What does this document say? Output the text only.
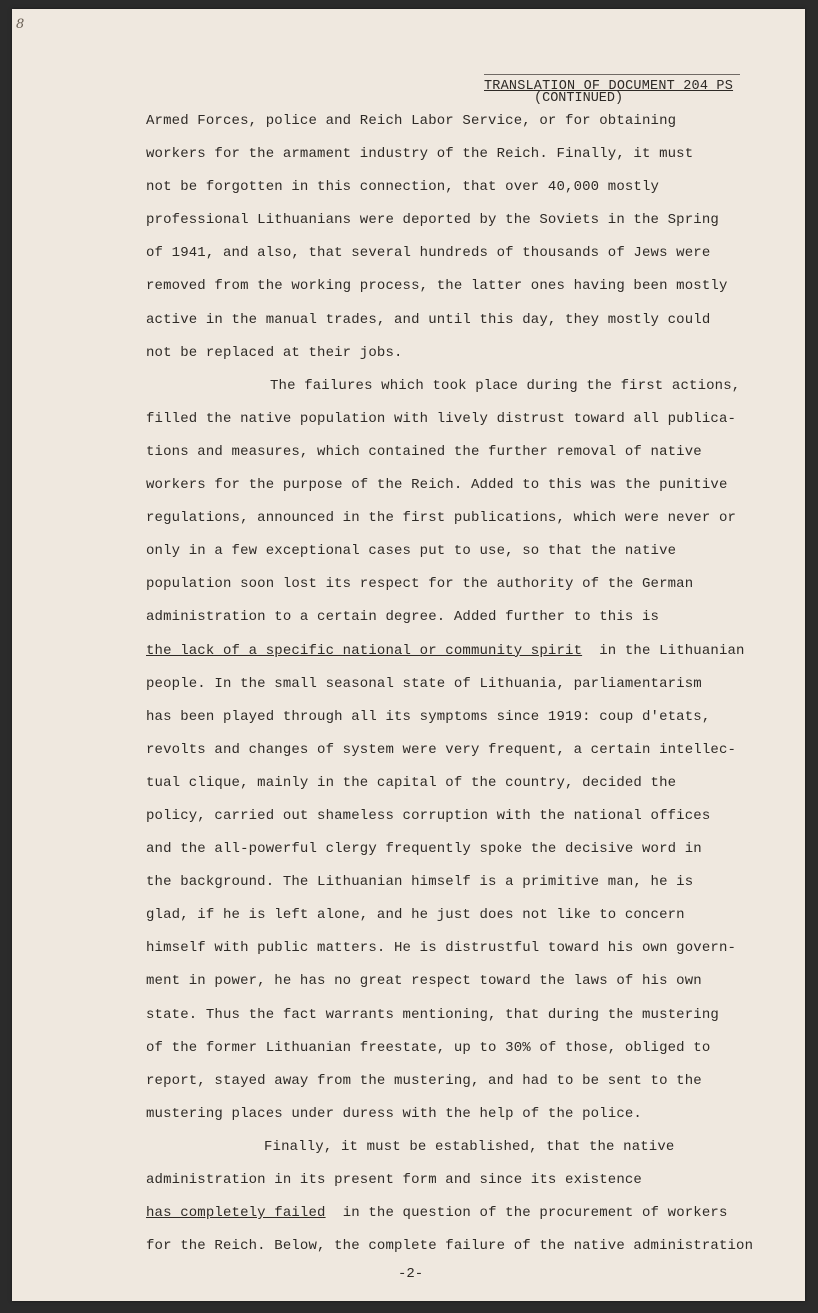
8
TRANSLATION OF DOCUMENT 204 PS
(CONTINUED)
Armed Forces, police and Reich Labor Service, or for obtaining
workers for the armament industry of the Reich. Finally, it must
not be forgotten in this connection, that over 40,000 mostly
professional Lithuanians were deported by the Soviets in the Spring
of 1941, and also, that several hundreds of thousands of Jews were
removed from the working process, the latter ones having been mostly
active in the manual trades, and until this day, they mostly could
not be replaced at their jobs.
The failures which took place during the first actions,
filled the native population with lively distrust toward all publica-
tions and measures, which contained the further removal of native
workers for the purpose of the Reich. Added to this was the punitive
regulations, announced in the first publications, which were never or
only in a few exceptional cases put to use, so that the native
population soon lost its respect for the authority of the German
administration to a certain degree. Added further to this is
the lack of a specific national or community spirit  in the Lithuanian
people. In the small seasonal state of Lithuania, parliamentarism
has been played through all its symptoms since 1919: coup d'etats,
revolts and changes of system were very frequent, a certain intellec-
tual clique, mainly in the capital of the country, decided the
policy, carried out shameless corruption with the national offices
and the all-powerful clergy frequently spoke the decisive word in
the background. The Lithuanian himself is a primitive man, he is
glad, if he is left alone, and he just does not like to concern
himself with public matters. He is distrustful toward his own govern-
ment in power, he has no great respect toward the laws of his own
state. Thus the fact warrants mentioning, that during the mustering
of the former Lithuanian freestate, up to 30% of those, obliged to
report, stayed away from the mustering, and had to be sent to the
mustering places under duress with the help of the police.
Finally, it must be established, that the native
administration in its present form and since its existence
has completely failed  in the question of the procurement of workers
for the Reich. Below, the complete failure of the native administration
-2-
